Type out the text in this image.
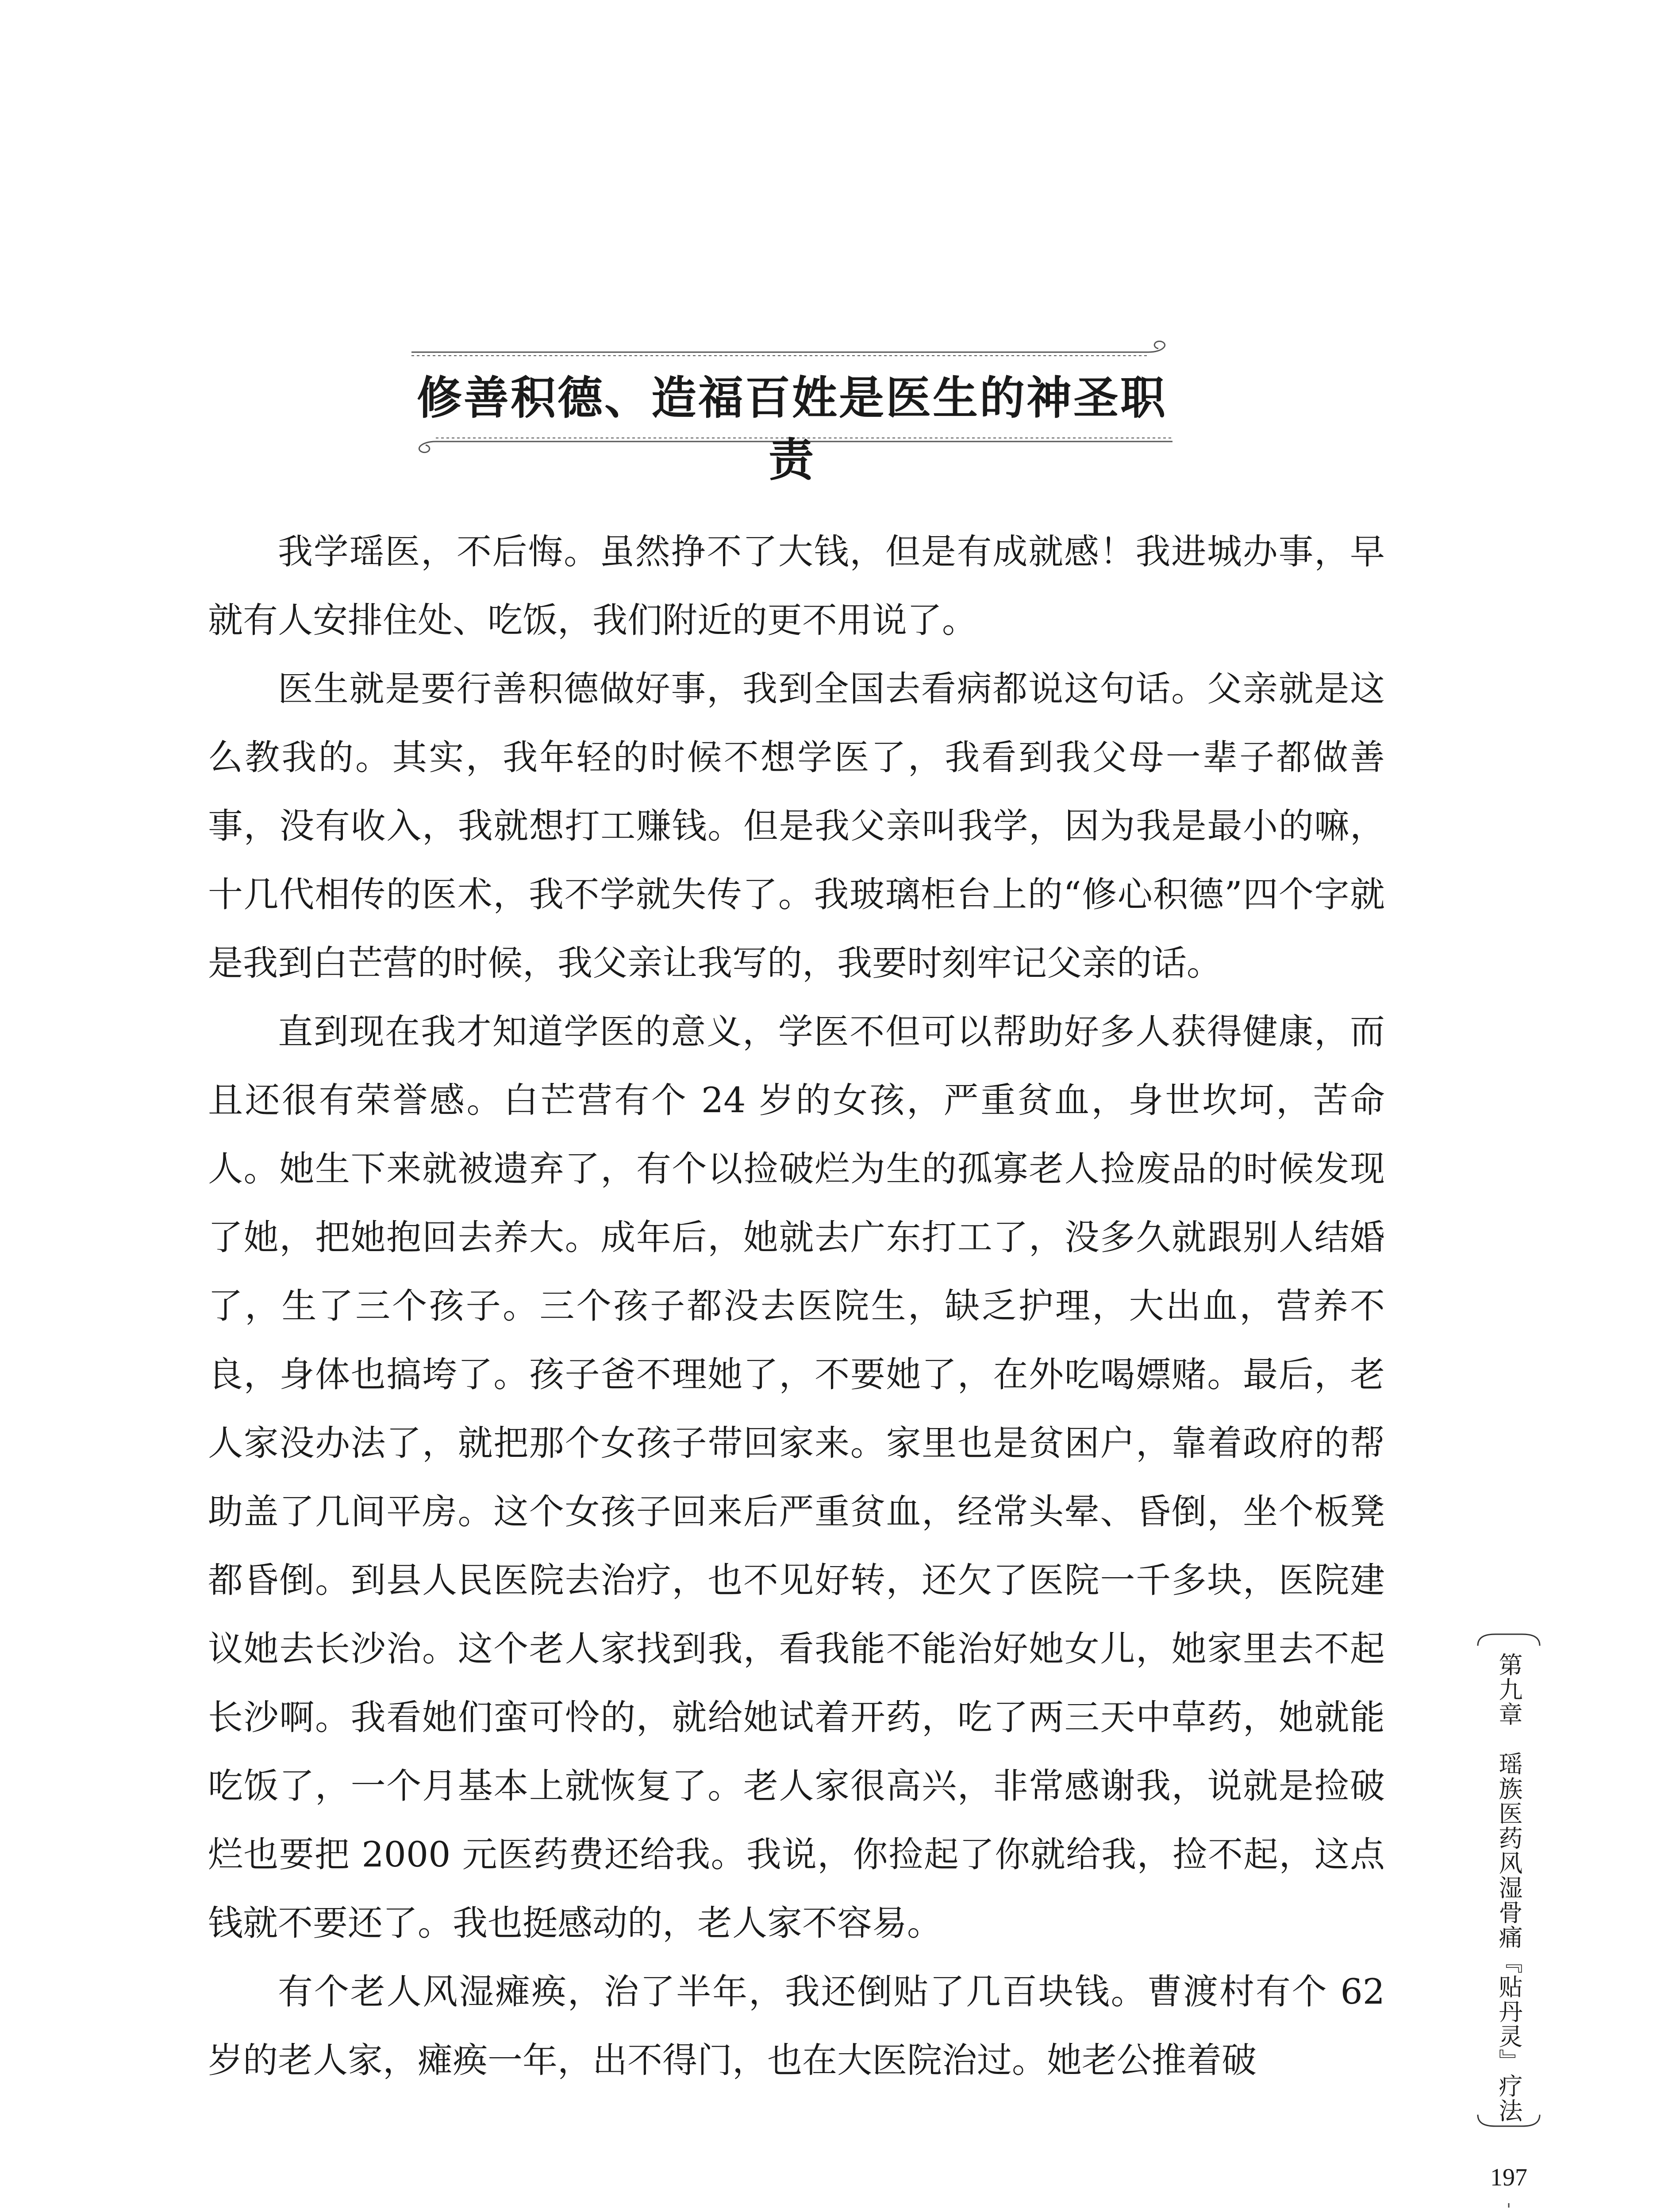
修善积德、造福百姓是医生的神圣职责

我学瑶医，不后悔。虽然挣不了大钱，但是有成就感！我进城办事，早就有人安排住处、吃饭，我们附近的更不用说了。

医生就是要行善积德做好事，我到全国去看病都说这句话。父亲就是这么教我的。其实，我年轻的时候不想学医了，我看到我父母一辈子都做善事，没有收入，我就想打工赚钱。但是我父亲叫我学，因为我是最小的嘛，十几代相传的医术，我不学就失传了。我玻璃柜台上的“修心积德”四个字就是我到白芒营的时候，我父亲让我写的，我要时刻牢记父亲的话。

直到现在我才知道学医的意义，学医不但可以帮助好多人获得健康，而且还很有荣誉感。白芒营有个 24 岁的女孩，严重贫血，身世坎坷，苦命人。她生下来就被遗弃了，有个以捡破烂为生的孤寡老人捡废品的时候发现了她，把她抱回去养大。成年后，她就去广东打工了，没多久就跟别人结婚了，生了三个孩子。三个孩子都没去医院生，缺乏护理，大出血，营养不良，身体也搞垮了。孩子爸不理她了，不要她了，在外吃喝嫖赌。最后，老人家没办法了，就把那个女孩子带回家来。家里也是贫困户，靠着政府的帮助盖了几间平房。这个女孩子回来后严重贫血，经常头晕、昏倒，坐个板凳都昏倒。到县人民医院去治疗，也不见好转，还欠了医院一千多块，医院建议她去长沙治。这个老人家找到我，看我能不能治好她女儿，她家里去不起长沙啊。我看她们蛮可怜的，就给她试着开药，吃了两三天中草药，她就能吃饭了，一个月基本上就恢复了。老人家很高兴，非常感谢我，说就是捡破烂也要把 2000 元医药费还给我。我说，你捡起了你就给我，捡不起，这点钱就不要还了。我也挺感动的，老人家不容易。

有个老人风湿瘫痪，治了半年，我还倒贴了几百块钱。曹渡村有个 62 岁的老人家，瘫痪一年，出不得门，也在大医院治过。她老公推着破	第九章　瑶族医药风湿骨痛『贴丹灵』疗法
197
